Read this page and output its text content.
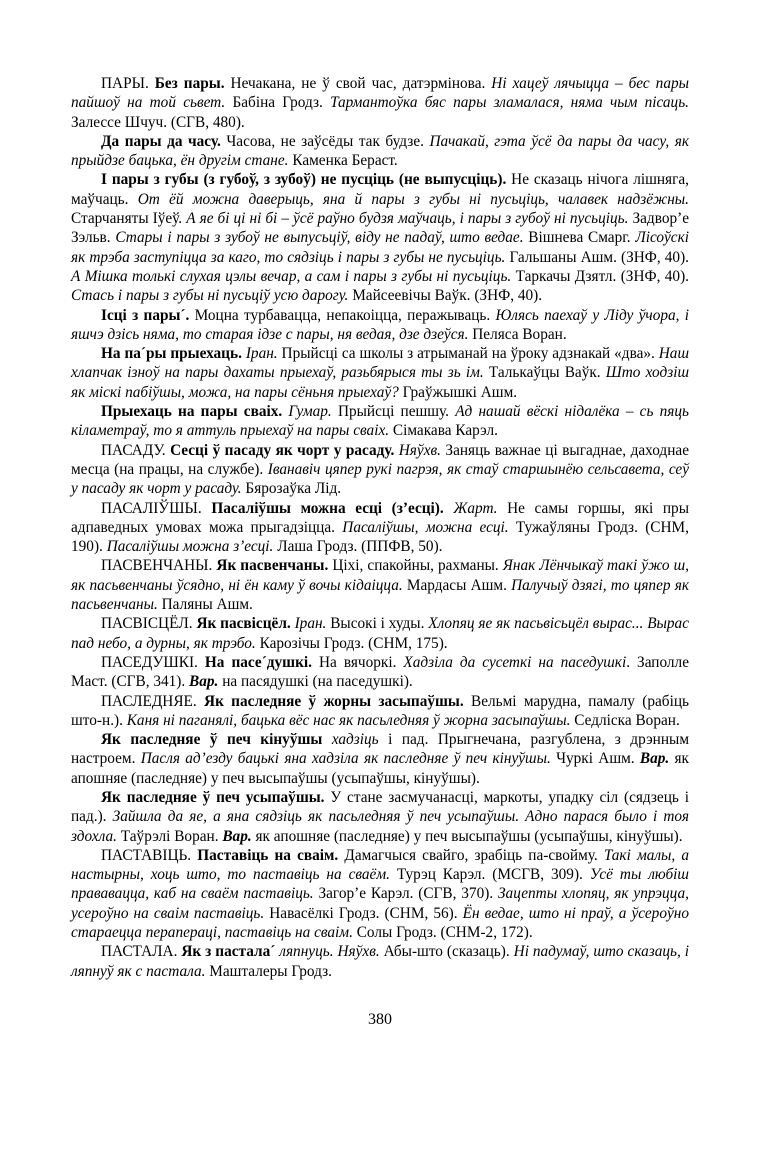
ПАРЫ. Без пары. Нечакана, не ў свой час, датэрмінова. Ні хацеў лячыцца – бес пары пайшоў на той сьвет. Бабіна Гродз. Тармантоўка бяс пары зламалася, няма чым пісаць. Залессе Шчуч. (СГВ, 480).

Да пары да часу. Часова, не заўсёды так будзе. Пачакай, гэта ўсё да пары да часу, як прыйдзе бацька, ён другім стане. Каменка Бераст.

І пары з губы (з губоў, з зубоў) не пусціць (не выпусціць). Не сказаць нічога лішняга, маўчаць. От ёй можна даверыць, яна й пары з губы ні пусьціць, чалавек надзёжны. Старчаняты Іўеў. А яе бі ці ні бі – ўсё раўно будзя маўчаць, і пары з губоў ні пусьціць. Задвор’е Зэльв. Стары і пары з зубоў не выпусьціў, віду не падаў, што ведае. Вішнева Смарг. Лісоўскі як трэба заступіцца за каго, то сядзіць і пары з губы не пусьціць. Гальшаны Ашм. (ЗНФ, 40). А Мішка толькі слухая цэлы вечар, а сам і пары з губы ні пусьціць. Таркачы Дзятл. (ЗНФ, 40). Стась і пары з губы ні пусьціў усю дарогу. Майсеевічы Ваўк. (ЗНФ, 40).

Ісці з пары´. Моцна турбавацца, непакоіцца, перажываць. Юлясь паехаў у Ліду ўчора, і яшчэ дзісь няма, то старая ідзе с пары, ня ведая, дзе дзеўся. Пеляса Воран.

На па´ры прыехаць. Іран. Прыйсці са школы з атрыманай на ўроку адзнакай «два». Наш хлапчак ізноў на пары дахаты прыехаў, разьбярыся ты зь ім. Талькаўцы Ваўк. Што ходзіш як міскі пабіўшы, можа, на пары сёньня прыехаў? Граўжышкі Ашм.

Прыехаць на пары сваіх. Гумар. Прыйсці пешшу. Ад нашай вёскі нідалёка – сь пяць кіламетраў, то я аттуль прыехаў на пары сваіх. Сімакава Карэл.

ПАСАДУ. Сесці ў пасаду як чорт у расаду. Няўхв. Заняць важнае ці выгаднае, даходнае месца (на працы, на службе). Іванавіч цяпер рукі пагрэя, як стаў старшынёю сельсавета, сеў у пасаду як чорт у расаду. Бярозаўка Лід.

ПАСАЛІЎШЫ. Пасаліўшы можна есці (з’есці). Жарт. Не самы горшы, які пры адпаведных умовах можа прыгадзіцца. Пасаліўшы, можна есці. Тужаўляны Гродз. (СНМ, 190). Пасаліўшы можна з’есці. Лаша Гродз. (ППФВ, 50).

ПАСВЕНЧАНЫ. Як пасвенчаны. Ціхі, спакойны, рахманы. Янак Лёнчыкаў такі ўжо ш, як пасьвенчаны ўсядно, ні ён каму ў вочы кідаіцца. Мардасы Ашм. Палучыў дзягі, то цяпер як пасьвенчаны. Паляны Ашм.

ПАСВІСЦЁЛ. Як пасвісцёл. Іран. Высокі і худы. Хлопяц яе як пасьвісьцёл вырас... Вырас пад небо, а дурны, як трэбо. Карозічы Гродз. (СНМ, 175).

ПАСЕДУШКІ. На пасе´душкі. На вячоркі. Хадзіла да сусеткі на паседушкі. Заполле Маст. (СГВ, 341). Вар. на пасядушкі (на паседушкі).

ПАСЛЕДНЯЕ. Як паследняе ў жорны засыпаўшы. Вельмі марудна, памалу (рабіць што-н.). Каня ні паганялі, бацька вёс нас як пасьледняя ў жорна засыпаўшы. Седліска Воран.

Як паследняе ў печ кінуўшы хадзіць і пад. Прыгнечана, разгублена, з дрэнным настроем. Пасля ад’езду бацькі яна хадзіла як паследняе ў печ кінуўшы. Чуркі Ашм. Вар. як апошняе (паследняе) у печ высыпаўшы (усыпаўшы, кінуўшы).

Як паследняе ў печ усыпаўшы. У стане засмучанасці, маркоты, упадку сіл (сядзець і пад.). Зайшла да яе, а яна сядзіць як пасьледняя ў печ усыпаўшы. Адно парася было і тоя здохла. Таўрэлі Воран. Вар. як апошняе (паследняе) у печ высыпаўшы (усыпаўшы, кінуўшы).

ПАСТАВІЦЬ. Паставіць на сваім. Дамагчыся свайго, зрабіць па-свойму. Такі малы, а настырны, хоць што, то паставіць на сваём. Турэц Карэл. (МСГВ, 309). Усё ты любіш прававаццa, каб на сваём паставіць. Загор’е Карэл. (СГВ, 370). Зацепты хлопяц, як упрэцца, усероўно на сваім паставіць. Навасёлкі Гродз. (СНМ, 56). Ён ведае, што ні праў, а ўсероўно стараецца перапераці, паставіць на сваім. Солы Гродз. (СНМ-2, 172).

ПАСТАЛА. Як з пастала´ ляпнуць. Няўхв. Абы-што (сказаць). Ні падумаў, што сказаць, і ляпнуў як с пастала. Машталеры Гродз.

380
